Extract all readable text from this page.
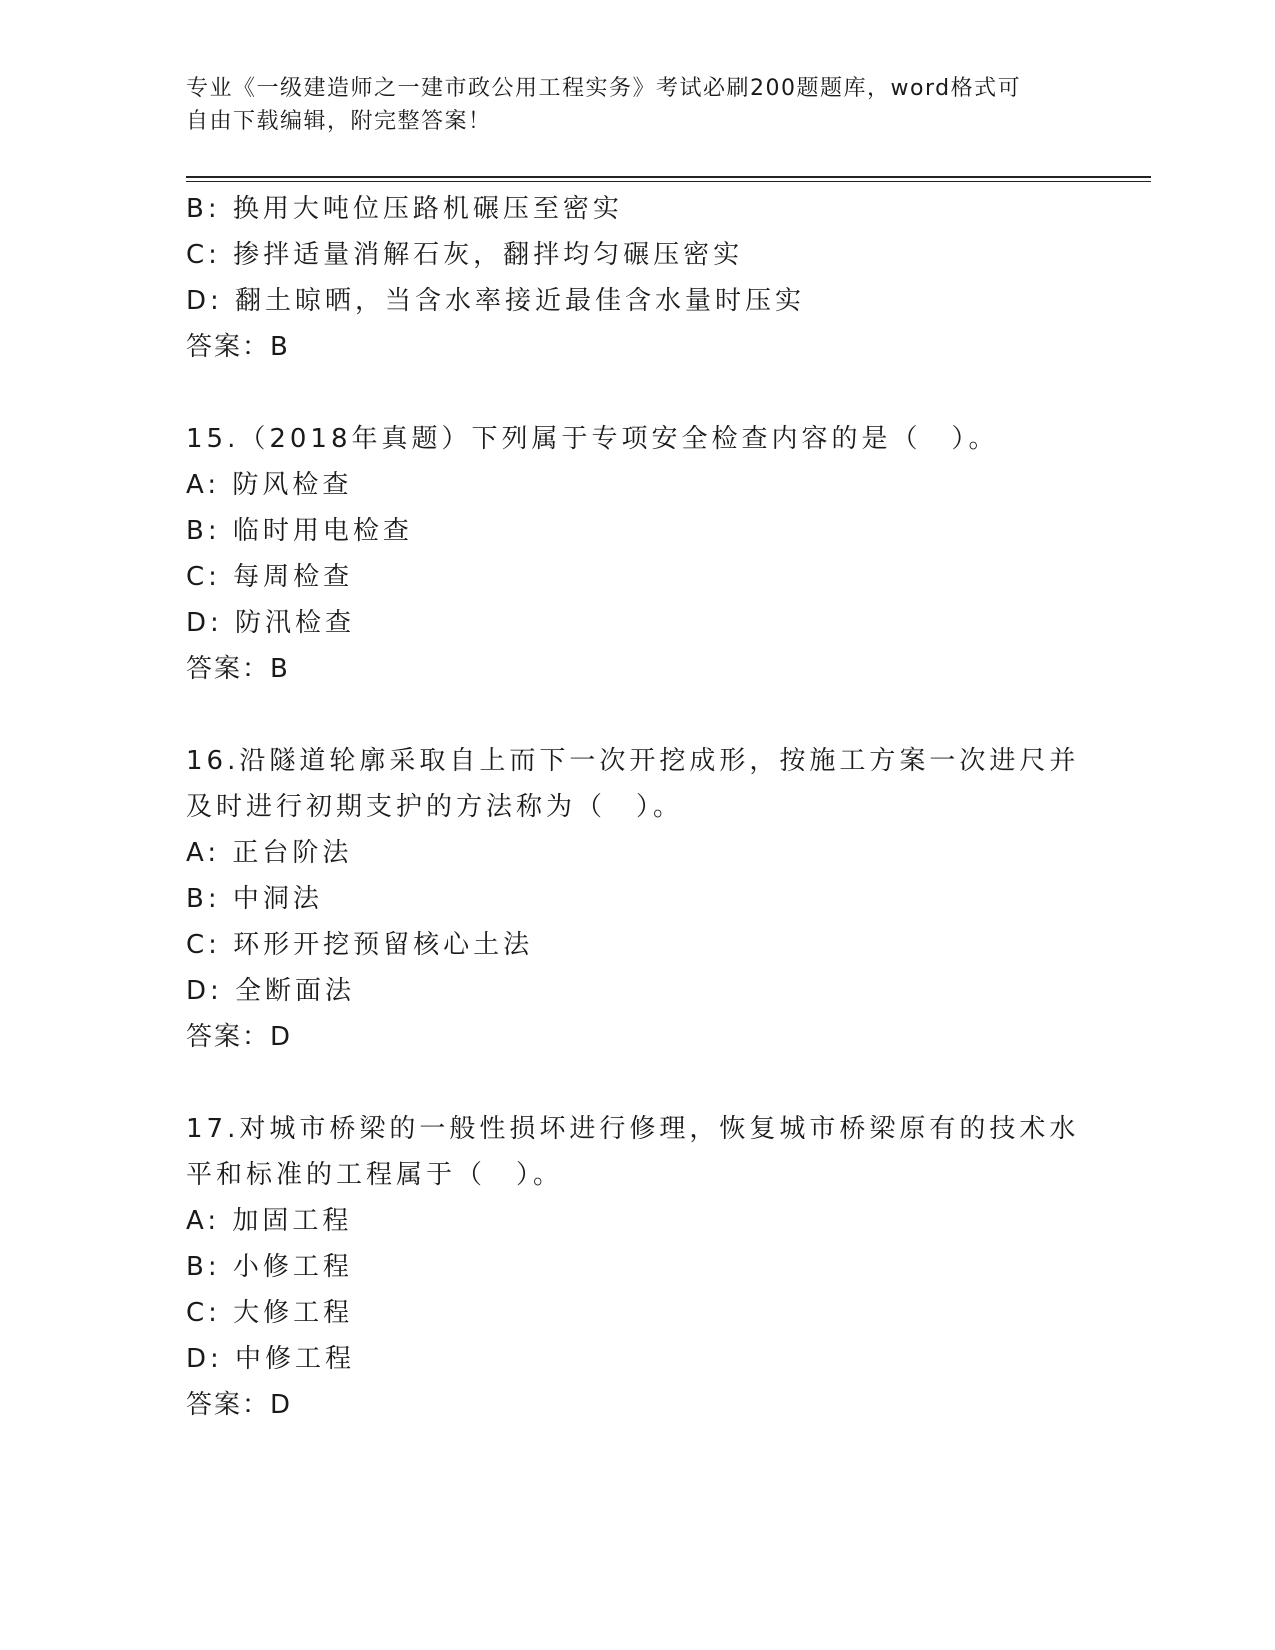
专业《一级建造师之一建市政公用工程实务》考试必刷200题题库，word格式可
自由下载编辑，附完整答案！
B: 换用大吨位压路机碾压至密实
C: 掺拌适量消解石灰，翻拌均匀碾压密实
D: 翻土晾晒，当含水率接近最佳含水量时压实
答案：B
15.（2018年真题）下列属于专项安全检查内容的是（　）。
A: 防风检查
B: 临时用电检查
C: 每周检查
D: 防汛检查
答案：B
16.沿隧道轮廓采取自上而下一次开挖成形，按施工方案一次进尺并及时进行初期支护的方法称为（　）。
A: 正台阶法
B: 中洞法
C: 环形开挖预留核心土法
D: 全断面法
答案：D
17.对城市桥梁的一般性损坏进行修理，恢复城市桥梁原有的技术水平和标准的工程属于（　）。
A: 加固工程
B: 小修工程
C: 大修工程
D: 中修工程
答案：D
